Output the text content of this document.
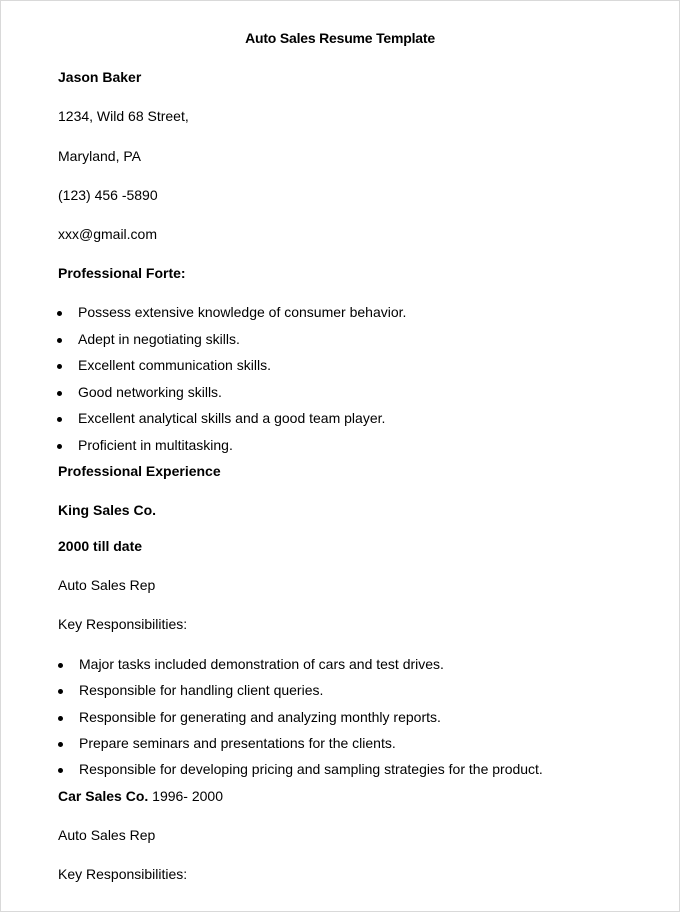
Auto Sales Resume Template
Jason Baker
1234, Wild 68 Street,
Maryland, PA
(123) 456 -5890
xxx@gmail.com
Professional Forte:
Possess extensive knowledge of consumer behavior.
Adept in negotiating skills.
Excellent communication skills.
Good networking skills.
Excellent analytical skills and a good team player.
Proficient in multitasking.
Professional Experience
King Sales Co.
2000 till date
Auto Sales Rep
Key Responsibilities:
Major tasks included demonstration of cars and test drives.
Responsible for handling client queries.
Responsible for generating and analyzing monthly reports.
Prepare seminars and presentations for the clients.
Responsible for developing pricing and sampling strategies for the product.
Car Sales Co. 1996- 2000
Auto Sales Rep
Key Responsibilities:
